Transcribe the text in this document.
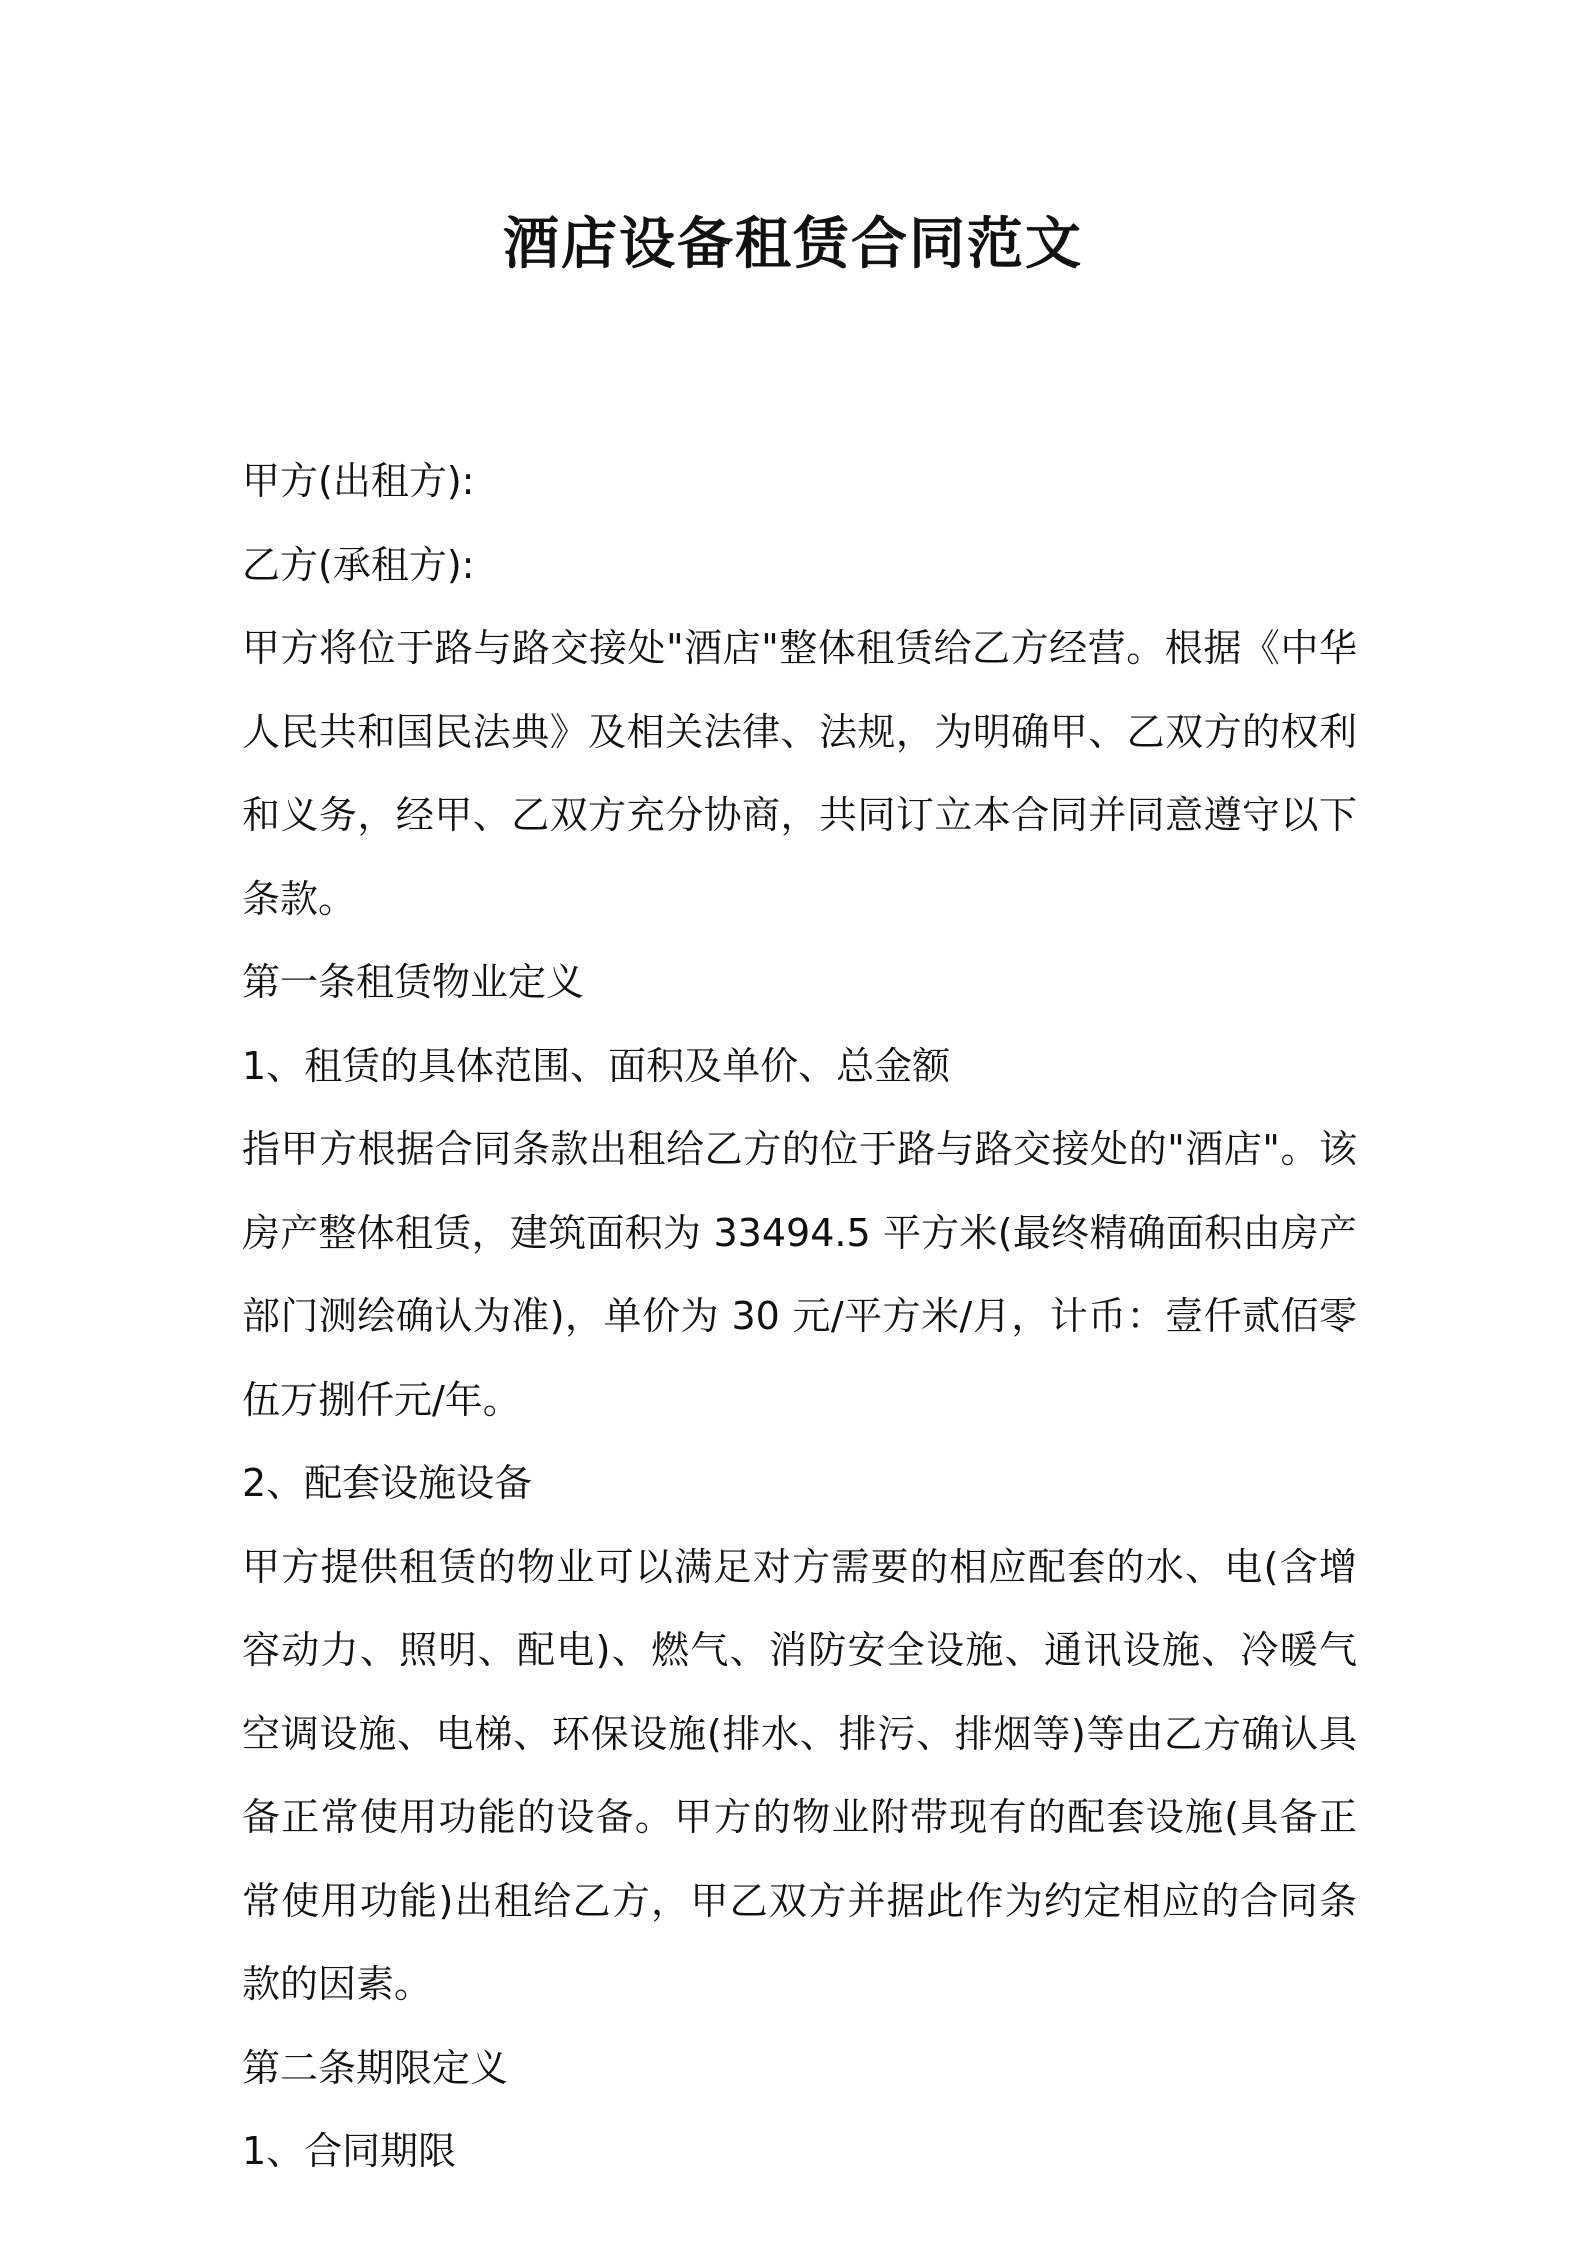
酒店设备租赁合同范文
甲方(出租方):
乙方(承租方):
甲方将位于路与路交接处"酒店"整体租赁给乙方经营。根据《中华人民共和国民法典》及相关法律、法规，为明确甲、乙双方的权利和义务，经甲、乙双方充分协商，共同订立本合同并同意遵守以下条款。
第一条租赁物业定义
1、租赁的具体范围、面积及单价、总金额
指甲方根据合同条款出租给乙方的位于路与路交接处的"酒店"。该房产整体租赁，建筑面积为 33494.5 平方米(最终精确面积由房产部门测绘确认为准)，单价为 30 元/平方米/月，计币：壹仟贰佰零伍万捌仟元/年。
2、配套设施设备
甲方提供租赁的物业可以满足对方需要的相应配套的水、电(含增容动力、照明、配电)、燃气、消防安全设施、通讯设施、冷暖气空调设施、电梯、环保设施(排水、排污、排烟等)等由乙方确认具备正常使用功能的设备。甲方的物业附带现有的配套设施(具备正常使用功能)出租给乙方，甲乙双方并据此作为约定相应的合同条款的因素。
第二条期限定义
1、合同期限
